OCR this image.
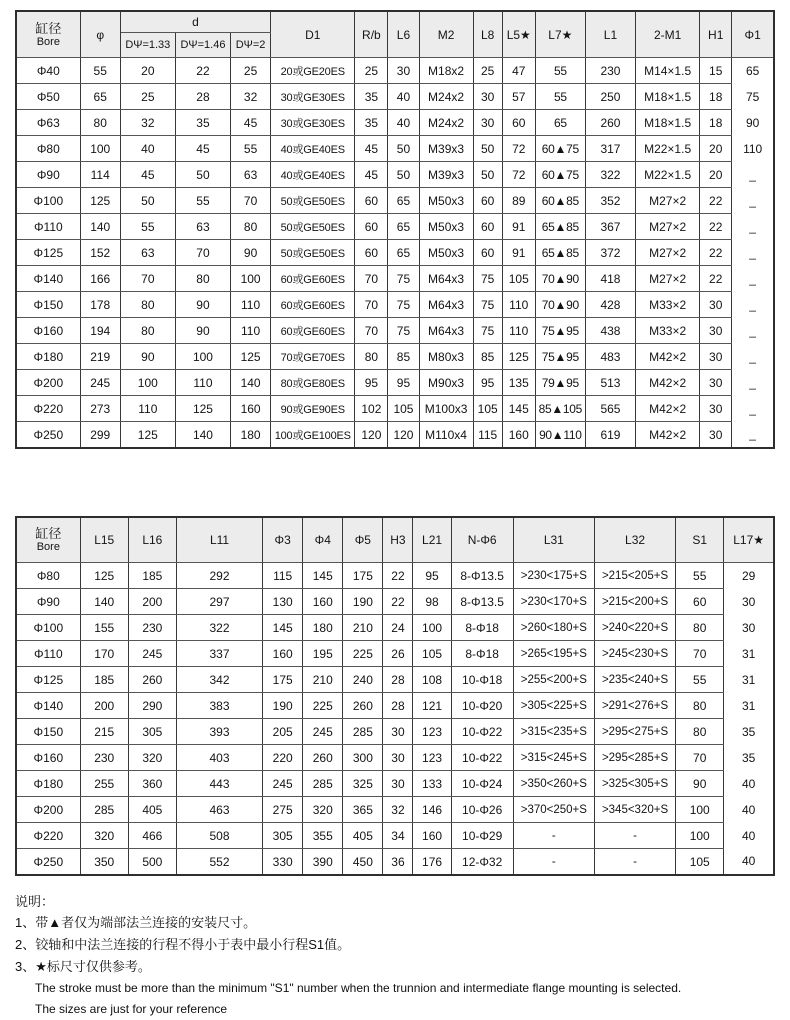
缸径
Bore	φ	d			D1	R/b	L6	M2	L8	L5★	L7★	L1	2-M1	H1	Φ1
		DΨ=1.33	DΨ=1.46	DΨ=2											
Φ40	55	20	22	25	20或GE20ES	25	30	M18x2	25	47	55	230	M14×1.5	15	65
Φ50	65	25	28	32	30或GE30ES	35	40	M24x2	30	57	55	250	M18×1.5	18	75
Φ63	80	32	35	45	30或GE30ES	35	40	M24x2	30	60	65	260	M18×1.5	18	90
Φ80	100	40	45	55	40或GE40ES	45	50	M39x3	50	72	60▲75	317	M22×1.5	20	110
Φ90	114	45	50	63	40或GE40ES	45	50	M39x3	50	72	60▲75	322	M22×1.5	20	_
Φ100	125	50	55	70	50或GE50ES	60	65	M50x3	60	89	60▲85	352	M27×2	22	_
Φ110	140	55	63	80	50或GE50ES	60	65	M50x3	60	91	65▲85	367	M27×2	22	_
Φ125	152	63	70	90	50或GE50ES	60	65	M50x3	60	91	65▲85	372	M27×2	22	_
Φ140	166	70	80	100	60或GE60ES	70	75	M64x3	75	105	70▲90	418	M27×2	22	_
Φ150	178	80	90	110	60或GE60ES	70	75	M64x3	75	110	70▲90	428	M33×2	30	_
Φ160	194	80	90	110	60或GE60ES	70	75	M64x3	75	110	75▲95	438	M33×2	30	_
Φ180	219	90	100	125	70或GE70ES	80	85	M80x3	85	125	75▲95	483	M42×2	30	_
Φ200	245	100	110	140	80或GE80ES	95	95	M90x3	95	135	79▲95	513	M42×2	30	_
Φ220	273	110	125	160	90或GE90ES	102	105	M100x3	105	145	85▲105	565	M42×2	30	_
Φ250	299	125	140	180	100或GE100ES	120	120	M110x4	115	160	90▲110	619	M42×2	30	_
缸径
Bore	L15	L16	L11	Φ3	Φ4	Φ5	H3	L21	N-Φ6	L31	L32	S1	L17★
Φ80	125	185	292	115	145	175	22	95	8-Φ13.5	>230<175+S	>215<205+S	55	29
Φ90	140	200	297	130	160	190	22	98	8-Φ13.5	>230<170+S	>215<200+S	60	30
Φ100	155	230	322	145	180	210	24	100	8-Φ18	>260<180+S	>240<220+S	80	30
Φ110	170	245	337	160	195	225	26	105	8-Φ18	>265<195+S	>245<230+S	70	31
Φ125	185	260	342	175	210	240	28	108	10-Φ18	>255<200+S	>235<240+S	55	31
Φ140	200	290	383	190	225	260	28	121	10-Φ20	>305<225+S	>291<276+S	80	31
Φ150	215	305	393	205	245	285	30	123	10-Φ22	>315<235+S	>295<275+S	80	35
Φ160	230	320	403	220	260	300	30	123	10-Φ22	>315<245+S	>295<285+S	70	35
Φ180	255	360	443	245	285	325	30	133	10-Φ24	>350<260+S	>325<305+S	90	40
Φ200	285	405	463	275	320	365	32	146	10-Φ26	>370<250+S	>345<320+S	100	40
Φ220	320	466	508	305	355	405	34	160	10-Φ29	-	-	100	40
Φ250	350	500	552	330	390	450	36	176	12-Φ32	-	-	105	40
说明：
1、带▲者仅为端部法兰连接的安装尺寸。
2、铰轴和中法兰连接的行程不得小于表中最小行程S1值。
3、★标尺寸仅供参考。
The stroke must be more than the minimum "S1" number when the trunnion and intermediate flange mounting is selected.
The sizes are just for your reference
